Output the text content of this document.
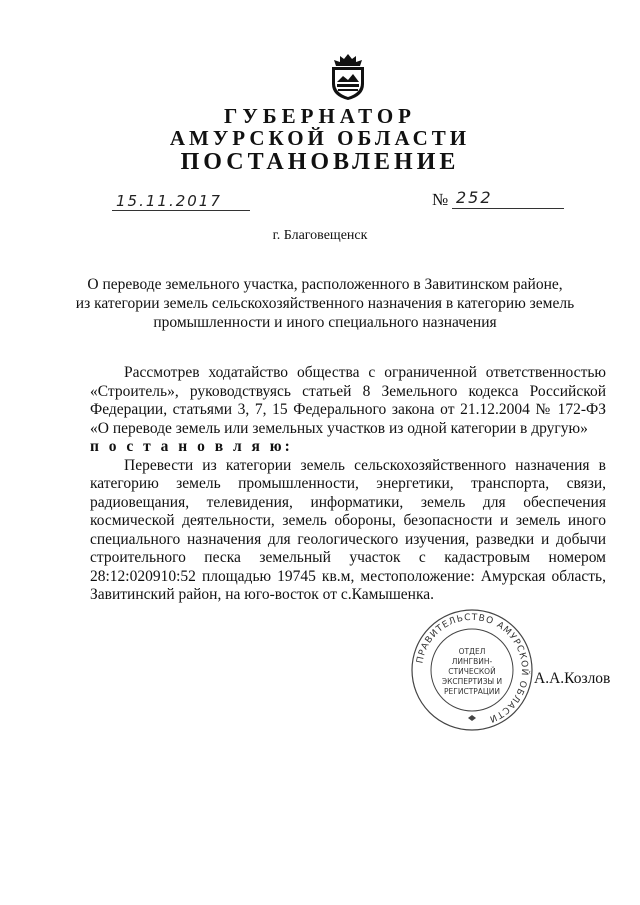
ГУБЕРНАТОР
АМУРСКОЙ ОБЛАСТИ
ПОСТАНОВЛЕНИЕ
15.11.2017	№ 252
г. Благовещенск
О переводе земельного участка, расположенного в Завитинском районе,
из категории земель сельскохозяйственного назначения в категорию земель
промышленности и иного специального назначения

Рассмотрев ходатайство общества с ограниченной ответственностью «Строитель», руководствуясь статьей 8 Земельного кодекса Российской Федерации, статьями 3, 7, 15 Федерального закона от 21.12.2004 № 172-ФЗ «О переводе земель или земельных участков из одной категории в другую»

п о с т а н о в л я ю:

Перевести из категории земель сельскохозяйственного назначения в категорию земель промышленности, энергетики, транспорта, связи, радиовещания, телевидения, информатики, земель для обеспечения космической деятельности, земель обороны, безопасности и земель иного специального назначения для геологического изучения, разведки и добычи строительного песка земельный участок с кадастровым номером 28:12:020910:52 площадью 19745 кв.м, местоположение: Амурская область, Завитинский район, на юго-восток от с.Камышенка.

ПРАВИТЕЛЬСТВО АМУРСКОЙ ОБЛАСТИ
ОТДЕЛ
ЛИНГВИН-
СТИЧЕСКОЙ
ЭКСПЕРТИЗЫ И
РЕГИСТРАЦИИ
А.А.Козлов
